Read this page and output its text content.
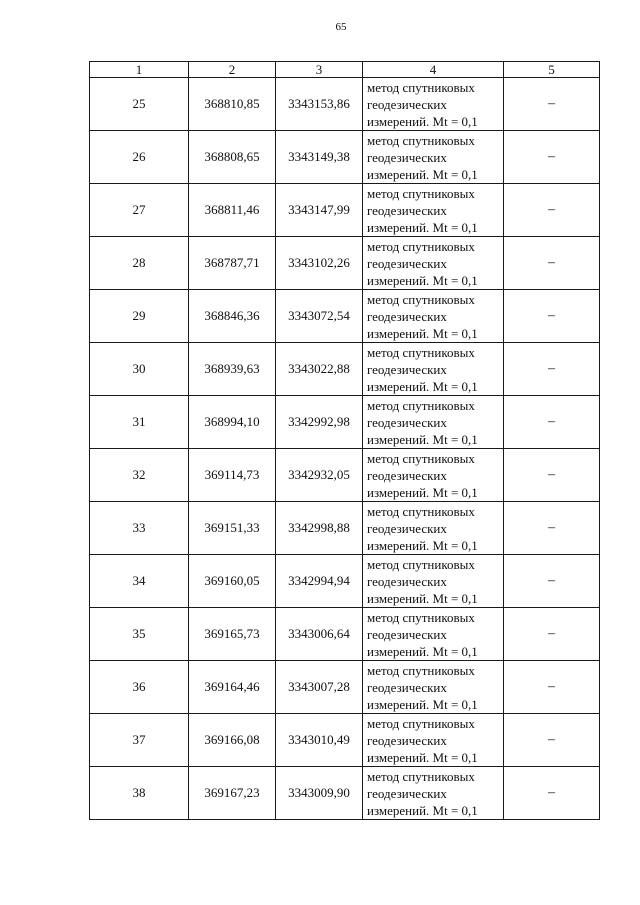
65
1	2	3	4	5
25	368810,85	3343153,86	метод спутниковых
геодезических
измерений. Mt = 0,1	–
26	368808,65	3343149,38	метод спутниковых
геодезических
измерений. Mt = 0,1	–
27	368811,46	3343147,99	метод спутниковых
геодезических
измерений. Mt = 0,1	–
28	368787,71	3343102,26	метод спутниковых
геодезических
измерений. Mt = 0,1	–
29	368846,36	3343072,54	метод спутниковых
геодезических
измерений. Mt = 0,1	–
30	368939,63	3343022,88	метод спутниковых
геодезических
измерений. Mt = 0,1	–
31	368994,10	3342992,98	метод спутниковых
геодезических
измерений. Mt = 0,1	–
32	369114,73	3342932,05	метод спутниковых
геодезических
измерений. Mt = 0,1	–
33	369151,33	3342998,88	метод спутниковых
геодезических
измерений. Mt = 0,1	–
34	369160,05	3342994,94	метод спутниковых
геодезических
измерений. Mt = 0,1	–
35	369165,73	3343006,64	метод спутниковых
геодезических
измерений. Mt = 0,1	–
36	369164,46	3343007,28	метод спутниковых
геодезических
измерений. Mt = 0,1	–
37	369166,08	3343010,49	метод спутниковых
геодезических
измерений. Mt = 0,1	–
38	369167,23	3343009,90	метод спутниковых
геодезических
измерений. Mt = 0,1	–
